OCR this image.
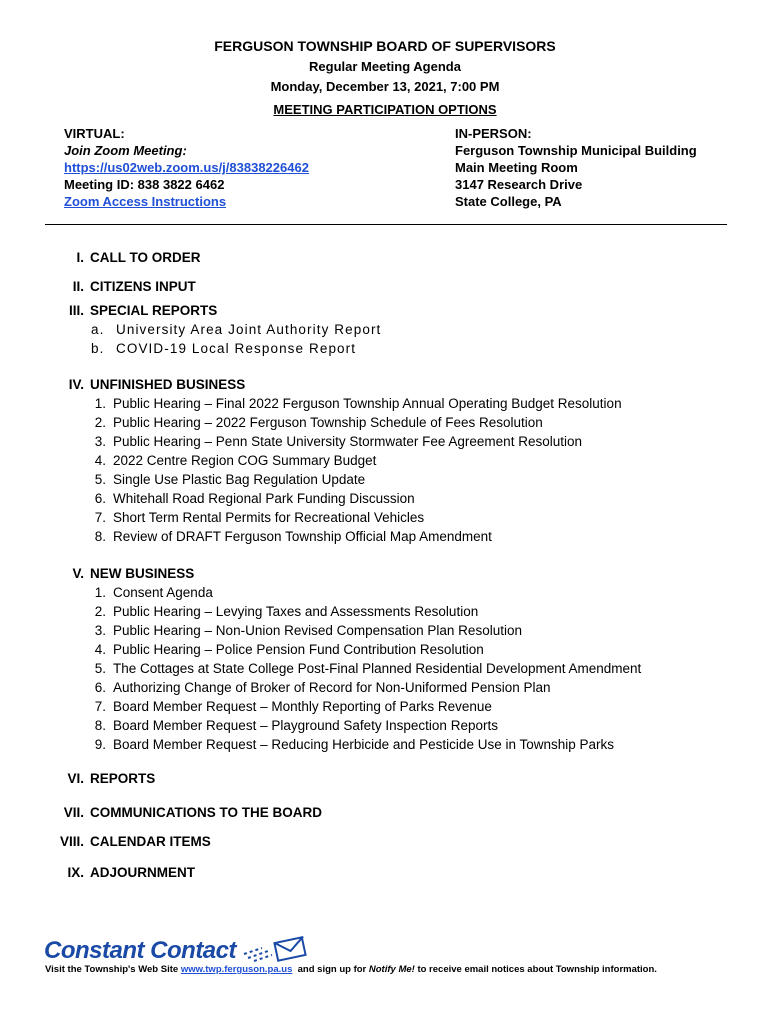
FERGUSON TOWNSHIP BOARD OF SUPERVISORS
Regular Meeting Agenda
Monday, December 13, 2021, 7:00 PM
MEETING PARTICIPATION OPTIONS
VIRTUAL:
Join Zoom Meeting:
https://us02web.zoom.us/j/83838226462
Meeting ID: 838 3822 6462
Zoom Access Instructions
IN-PERSON:
Ferguson Township Municipal Building
Main Meeting Room
3147 Research Drive
State College, PA
I. CALL TO ORDER
II. CITIZENS INPUT
III. SPECIAL REPORTS
a. University Area Joint Authority Report
b. COVID-19 Local Response Report
IV. UNFINISHED BUSINESS
1. Public Hearing – Final 2022 Ferguson Township Annual Operating Budget Resolution
2. Public Hearing – 2022 Ferguson Township Schedule of Fees Resolution
3. Public Hearing – Penn State University Stormwater Fee Agreement Resolution
4. 2022 Centre Region COG Summary Budget
5. Single Use Plastic Bag Regulation Update
6. Whitehall Road Regional Park Funding Discussion
7. Short Term Rental Permits for Recreational Vehicles
8. Review of DRAFT Ferguson Township Official Map Amendment
V. NEW BUSINESS
1. Consent Agenda
2. Public Hearing – Levying Taxes and Assessments Resolution
3. Public Hearing – Non-Union Revised Compensation Plan Resolution
4. Public Hearing – Police Pension Fund Contribution Resolution
5. The Cottages at State College Post-Final Planned Residential Development Amendment
6. Authorizing Change of Broker of Record for Non-Uniformed Pension Plan
7. Board Member Request – Monthly Reporting of Parks Revenue
8. Board Member Request – Playground Safety Inspection Reports
9. Board Member Request – Reducing Herbicide and Pesticide Use in Township Parks
VI. REPORTS
VII. COMMUNICATIONS TO THE BOARD
VIII. CALENDAR ITEMS
IX. ADJOURNMENT
Constant Contact
Visit the Township's Web Site www.twp.ferguson.pa.us  and sign up for Notify Me! to receive email notices about Township information.
